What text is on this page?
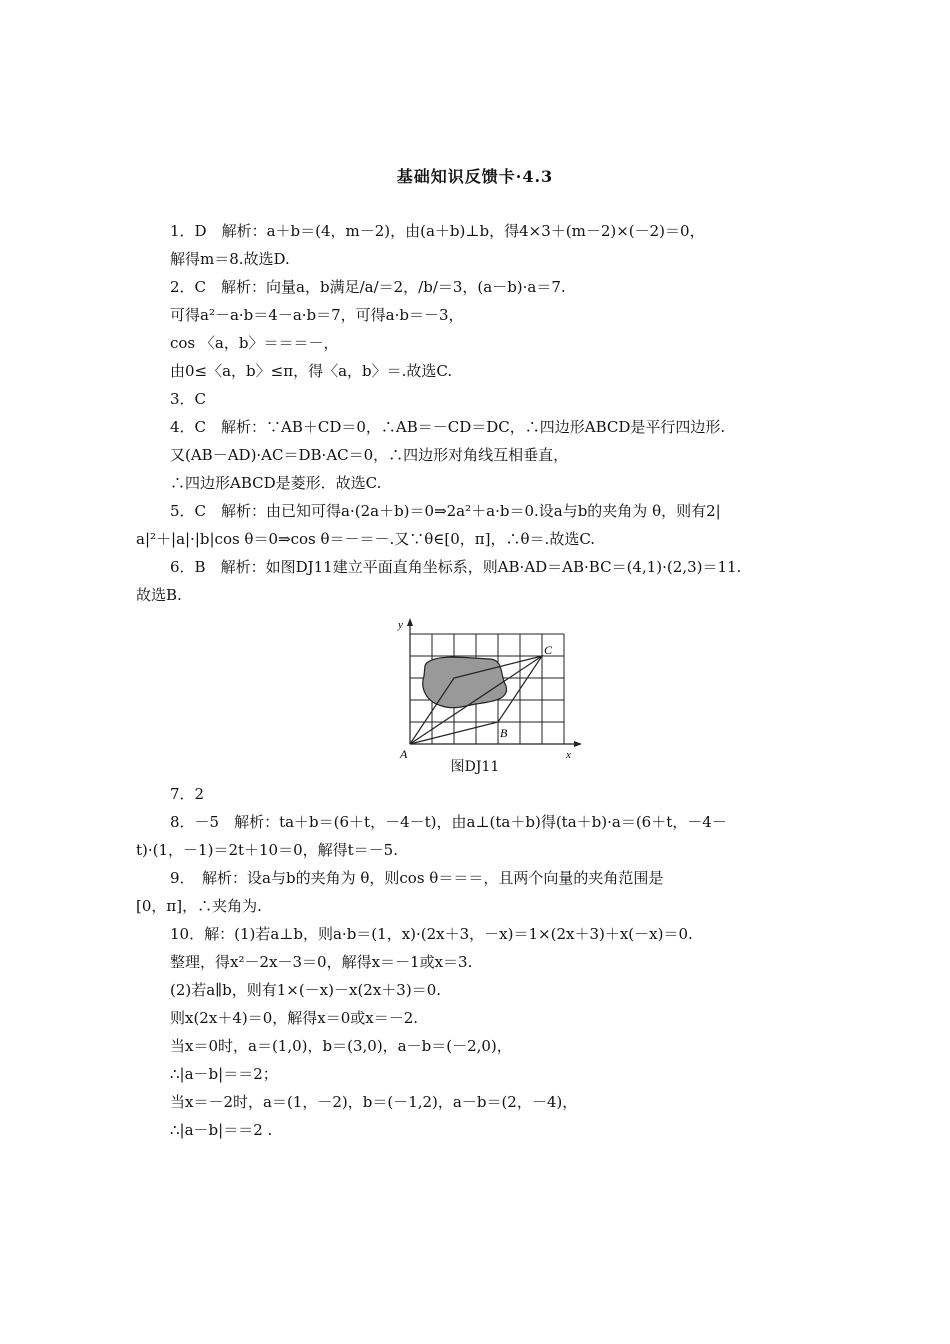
基础知识反馈卡·4.3
1．D　解析：a＋b＝(4，m－2)，由(a＋b)⊥b，得4×3＋(m－2)×(－2)＝0，
解得m＝8.故选D.
2．C　解析：向量a，b满足/a/＝2，/b/＝3，(a－b)·a＝7.
可得a²－a·b＝4－a·b＝7，可得a·b＝－3，
cos 〈a，b〉＝＝＝－，
由0≤〈a，b〉≤π，得〈a，b〉＝.故选C.
3．C
4．C　解析：∵AB＋CD＝0，∴AB＝－CD＝DC，∴四边形ABCD是平行四边形.
又(AB－AD)·AC＝DB·AC＝0，∴四边形对角线互相垂直，
∴四边形ABCD是菱形．故选C.
5．C　解析：由已知可得a·(2a＋b)＝0⇒2a²＋a·b＝0.设a与b的夹角为 θ，则有2|
a|²＋|a|·|b|cos θ＝0⇒cos θ＝－＝－.又∵θ∈[0，π]，∴θ＝.故选C.
6．B　解析：如图DJ11建立平面直角坐标系，则AB·AD＝AB·BC＝(4,1)·(2,3)＝11.
故选B.
y
x
A
B
C
图DJ11
7．2
8．－5　解析：ta＋b＝(6＋t，－4－t)，由a⊥(ta＋b)得(ta＋b)·a＝(6＋t，－4－
t)·(1，－1)＝2t＋10＝0，解得t＝－5.
9．　解析：设a与b的夹角为 θ，则cos θ＝＝＝，且两个向量的夹角范围是
[0，π]，∴夹角为.
10．解：(1)若a⊥b，则a·b＝(1，x)·(2x＋3，－x)＝1×(2x＋3)＋x(－x)＝0.
整理，得x²－2x－3＝0，解得x＝－1或x＝3.
(2)若a∥b，则有1×(－x)－x(2x＋3)＝0.
则x(2x＋4)＝0，解得x＝0或x＝－2.
当x＝0时，a＝(1,0)，b＝(3,0)，a－b＝(－2,0)，
∴|a－b|＝＝2；
当x＝－2时，a＝(1，－2)，b＝(－1,2)，a－b＝(2，－4)，
∴|a－b|＝＝2 .
